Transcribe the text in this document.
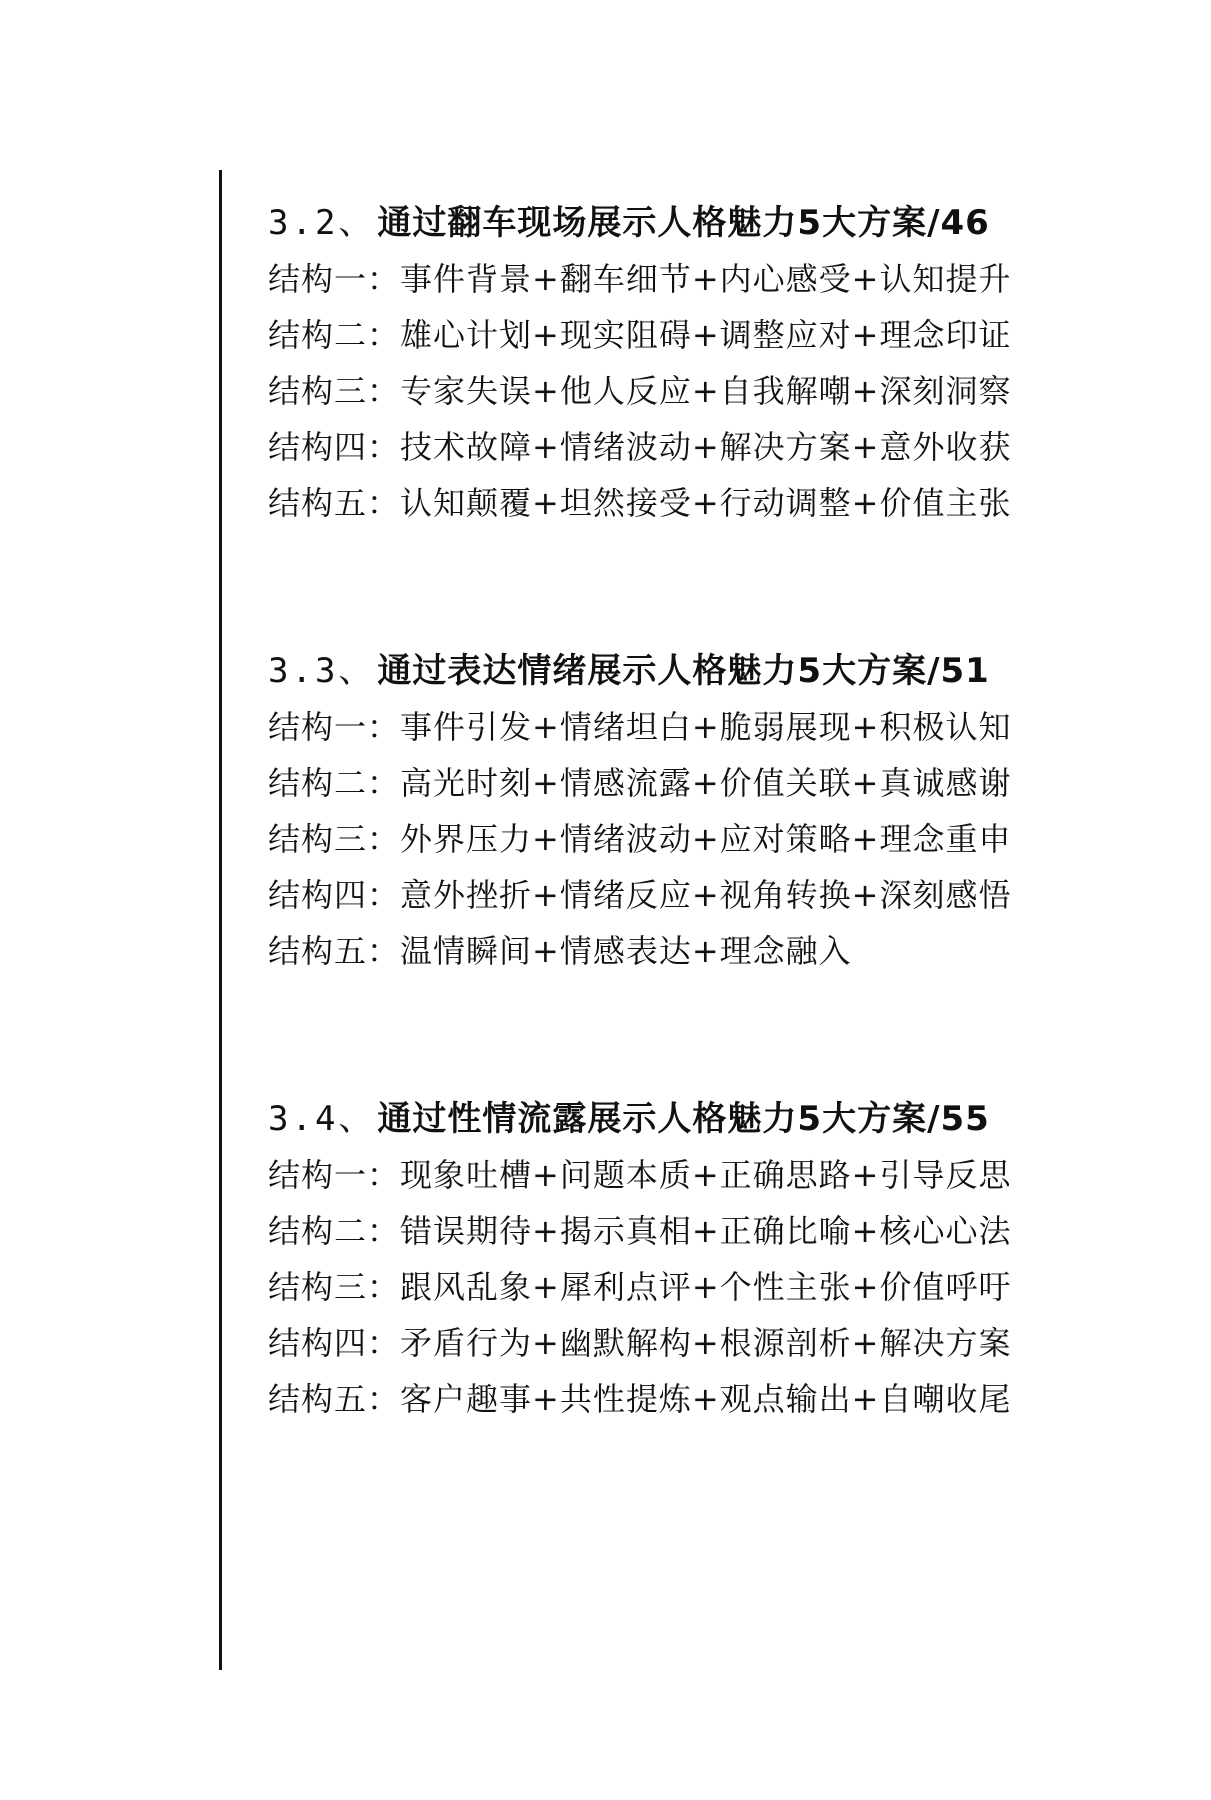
3.2、 通过翻车现场展示人格魅力5大方案/46
结构一：事件背景+翻车细节+内心感受+认知提升
结构二：雄心计划+现实阻碍+调整应对+理念印证
结构三：专家失误+他人反应+自我解嘲+深刻洞察
结构四：技术故障+情绪波动+解决方案+意外收获
结构五：认知颠覆+坦然接受+行动调整+价值主张
3.3、 通过表达情绪展示人格魅力5大方案/51
结构一：事件引发+情绪坦白+脆弱展现+积极认知
结构二：高光时刻+情感流露+价值关联+真诚感谢
结构三：外界压力+情绪波动+应对策略+理念重申
结构四：意外挫折+情绪反应+视角转换+深刻感悟
结构五：温情瞬间+情感表达+理念融入
3.4、 通过性情流露展示人格魅力5大方案/55
结构一：现象吐槽+问题本质+正确思路+引导反思
结构二：错误期待+揭示真相+正确比喻+核心心法
结构三：跟风乱象+犀利点评+个性主张+价值呼吁
结构四：矛盾行为+幽默解构+根源剖析+解决方案
结构五：客户趣事+共性提炼+观点输出+自嘲收尾
